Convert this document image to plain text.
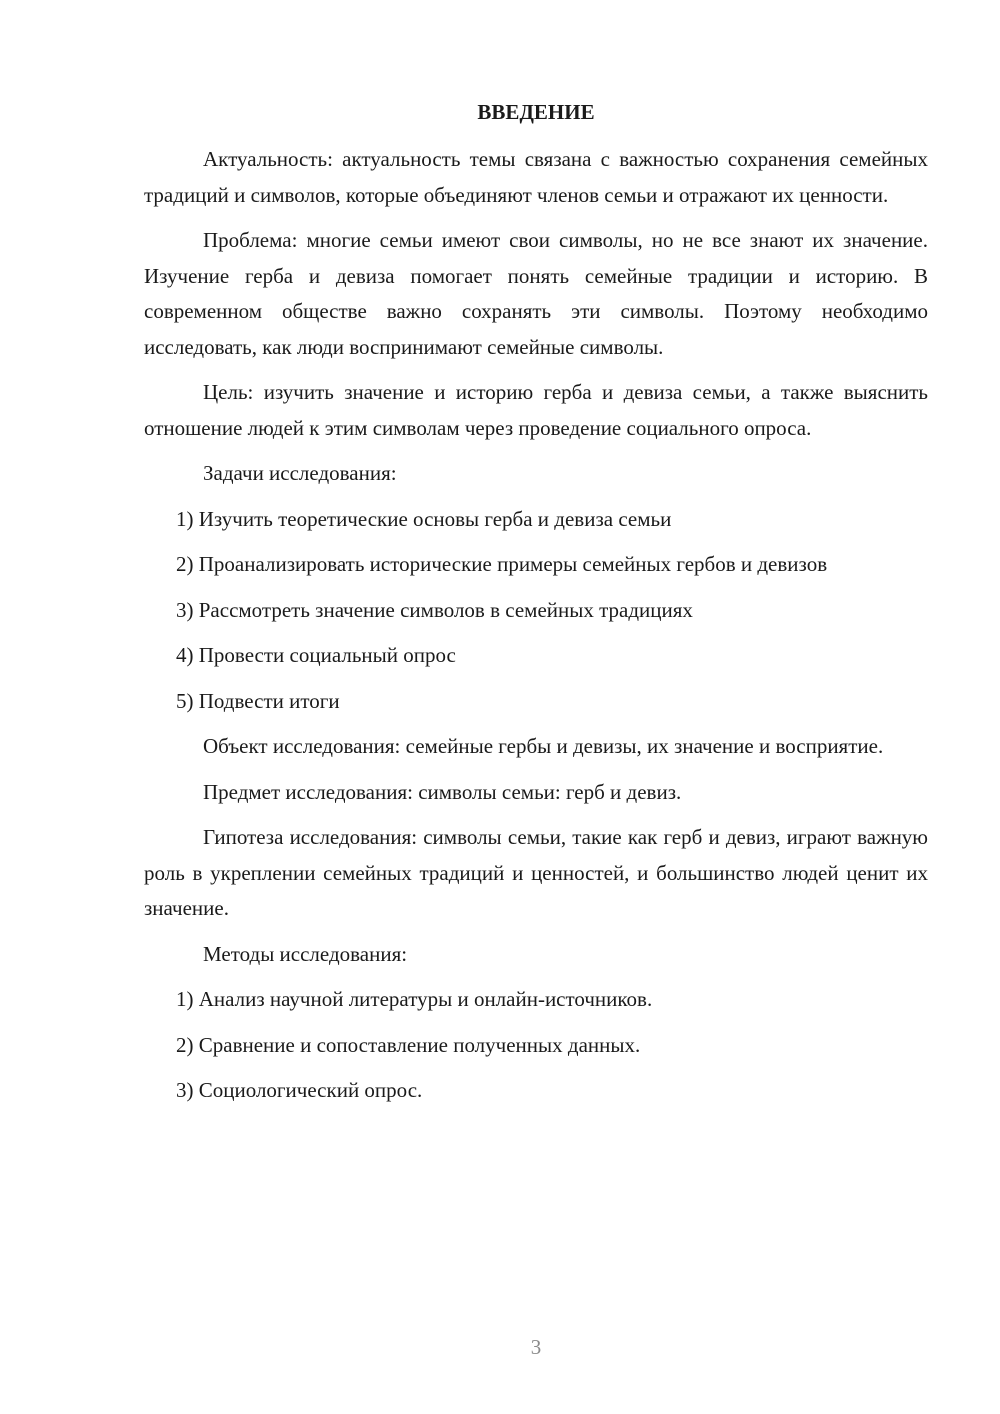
ВВЕДЕНИЕ

Актуальность: актуальность темы связана с важностью сохранения семейных традиций и символов, которые объединяют членов семьи и отражают их ценности.

Проблема: многие семьи имеют свои символы, но не все знают их значение. Изучение герба и девиза помогает понять семейные традиции и историю. В современном обществе важно сохранять эти символы. Поэтому необходимо исследовать, как люди воспринимают семейные символы.

Цель: изучить значение и историю герба и девиза семьи, а также выяснить отношение людей к этим символам через проведение социального опроса.

Задачи исследования:

1) Изучить теоретические основы герба и девиза семьи

2) Проанализировать исторические примеры семейных гербов и девизов

3) Рассмотреть значение символов в семейных традициях

4) Провести социальный опрос

5) Подвести итоги

Объект исследования: семейные гербы и девизы, их значение и восприятие.

Предмет исследования: символы семьи: герб и девиз.

Гипотеза исследования: символы семьи, такие как герб и девиз, играют важную роль в укреплении семейных традиций и ценностей, и большинство людей ценит их значение.

Методы исследования:

1) Анализ научной литературы и онлайн-источников.

2) Сравнение и сопоставление полученных данных.

3) Социологический опрос.

3
